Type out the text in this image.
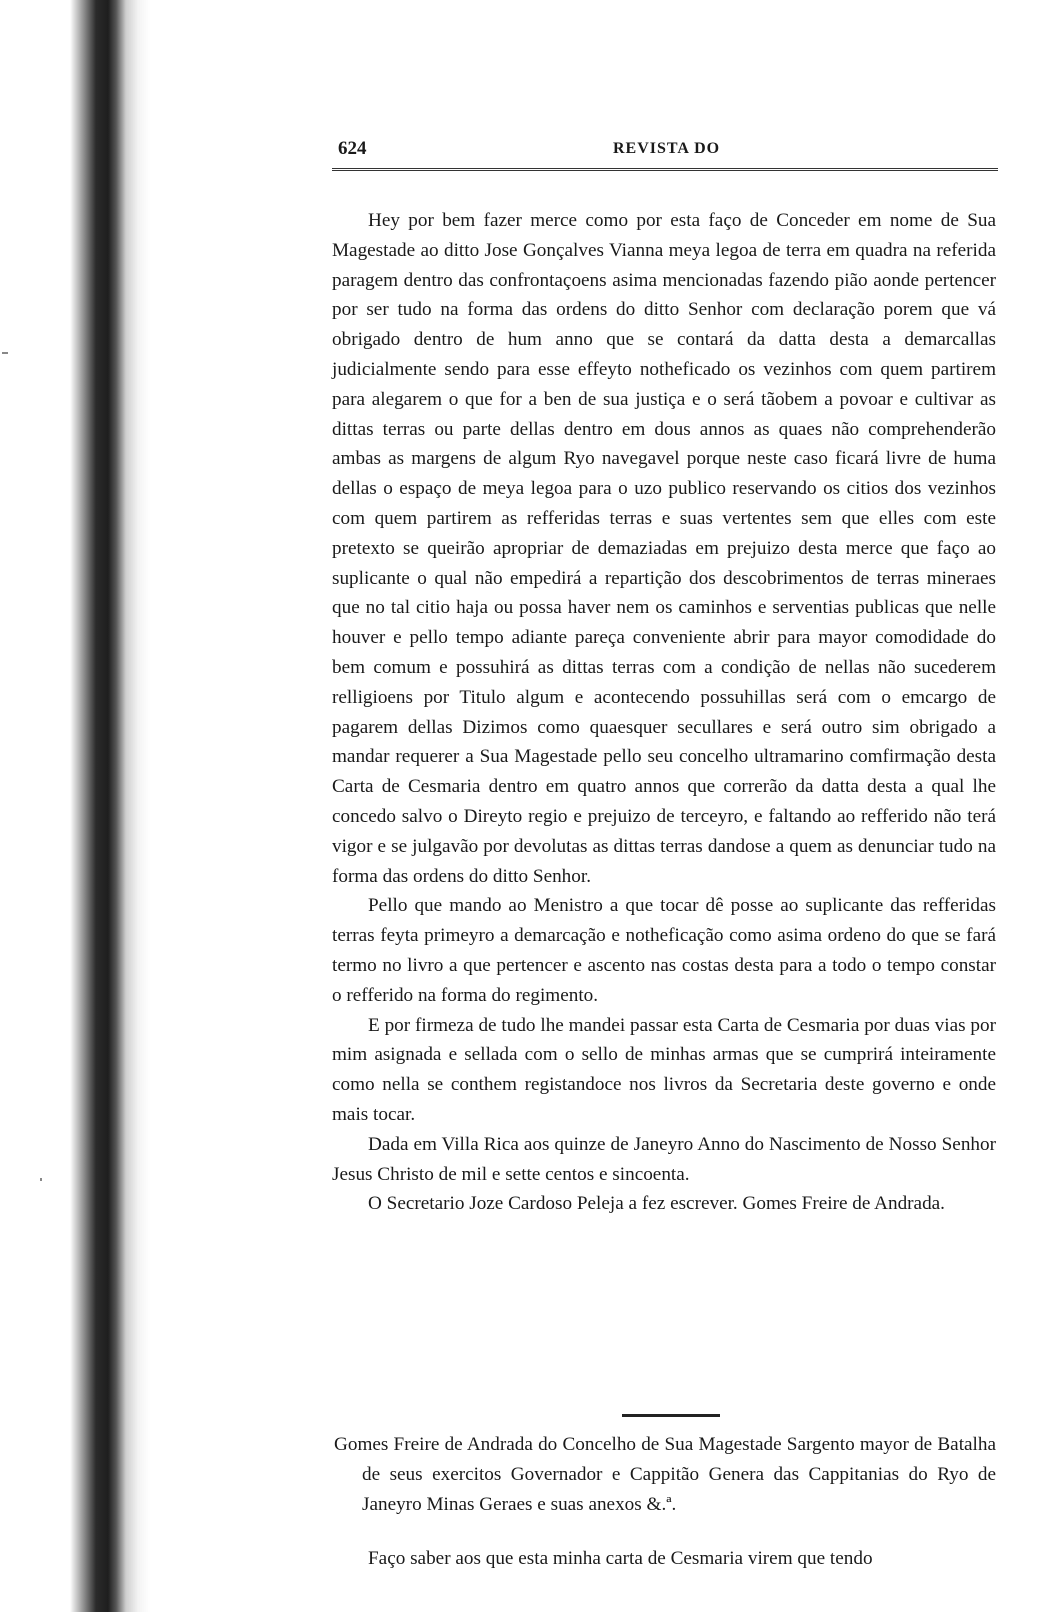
624	REVISTA DO

Hey por bem fazer merce como por esta faço de Conceder em nome de Sua Magestade ao ditto Jose Gonçalves Vianna meya legoa de terra em quadra na referida paragem dentro das confrontaçoens asima mencionadas fazendo pião aonde pertencer por ser tudo na forma das ordens do ditto Senhor com declaração porem que vá obrigado dentro de hum anno que se contará da datta desta a demarcallas judicialmente sendo para esse effeyto notheficado os vezinhos com quem partirem para alegarem o que for a ben de sua justiça e o será tãobem a povoar e cultivar as dittas terras ou parte dellas dentro em dous annos as quaes não comprehenderão ambas as margens de algum Ryo navegavel porque neste caso ficará livre de huma dellas o espaço de meya legoa para o uzo publico reservando os citios dos vezinhos com quem partirem as refferidas terras e suas vertentes sem que elles com este pretexto se queirão apropriar de demaziadas em prejuizo desta merce que faço ao suplicante o qual não empedirá a repartição dos descobrimentos de terras mineraes que no tal citio haja ou possa haver nem os caminhos e serventias publicas que nelle houver e pello tempo adiante pareça conveniente abrir para mayor comodidade do bem comum e possuhirá as dittas terras com a condição de nellas não sucederem relligioens por Titulo algum e acontecendo possuhillas será com o emcargo de pagarem dellas Dizimos como quaesquer secullares e será outro sim obrigado a mandar requerer a Sua Magestade pello seu concelho ultramarino comfirmação desta Carta de Cesmaria dentro em quatro annos que correrão da datta desta a qual lhe concedo salvo o Direyto regio e prejuizo de terceyro, e faltando ao refferido não terá vigor e se julgavão por devolutas as dittas terras dandose a quem as denunciar tudo na forma das ordens do ditto Senhor.

Pello que mando ao Menistro a que tocar dê posse ao suplicante das refferidas terras feyta primeyro a demarcação e notheficação como asima ordeno do que se fará termo no livro a que pertencer e ascento nas costas desta para a todo o tempo constar o refferido na forma do regimento.

E por firmeza de tudo lhe mandei passar esta Carta de Cesmaria por duas vias por mim asignada e sellada com o sello de minhas armas que se cumprirá inteiramente como nella se conthem registandoce nos livros da Secretaria deste governo e onde mais tocar.

Dada em Villa Rica aos quinze de Janeyro Anno do Nascimento de Nosso Senhor Jesus Christo de mil e sette centos e sincoenta.

O Secretario Joze Cardoso Peleja a fez escrever. Gomes Freire de Andrada.

Gomes Freire de Andrada do Concelho de Sua Magestade Sargento mayor de Batalha de seus exercitos Governador e Cappitão Genera das Cappitanias do Ryo de Janeyro Minas Geraes e suas anexos &.ª.
Faço saber aos que esta minha carta de Cesmaria virem que tendo
